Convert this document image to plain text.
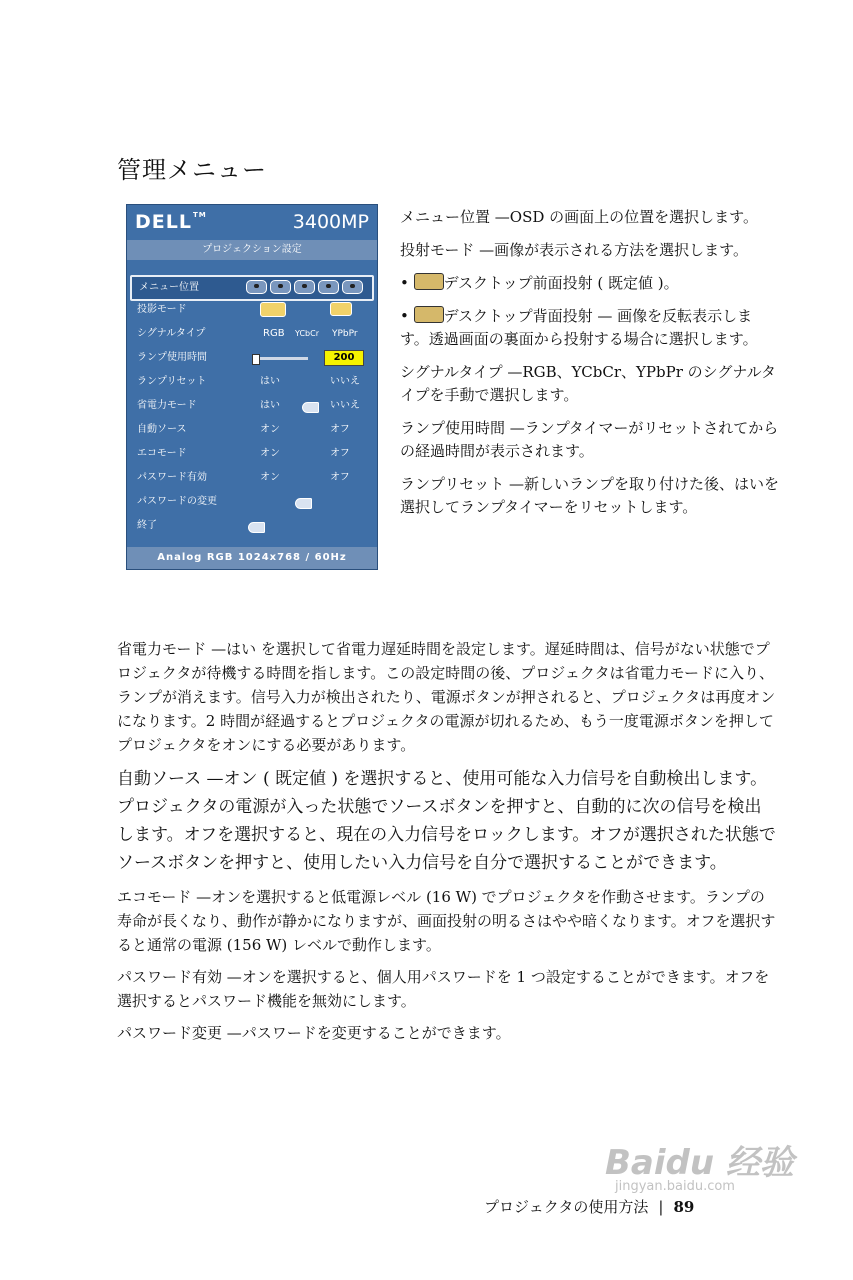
管理メニュー
DELL™	3400MP
プロジェクション設定
メニュー位置
投影モード
シグナルタイプ	RGB YCbCr YPbPr
ランプ使用時間	200
ランプリセット	はい	いいえ
省電力モード	はい	いいえ
自動ソース	オン	オフ
エコモード	オン	オフ
パスワード有効	オン	オフ
パスワードの変更
終了
Analog RGB 1024x768 / 60Hz

メニュー位置 —OSD の画面上の位置を選択します。

投射モード —画像が表示される方法を選択します。

• デスクトップ前面投射 ( 既定値 )。

• デスクトップ背面投射 — 画像を反転表示します。透過画面の裏面から投射する場合に選択します。

シグナルタイプ —RGB、YCbCr、YPbPr のシグナルタイプを手動で選択します。

ランプ使用時間 —ランプタイマーがリセットされてからの経過時間が表示されます。

ランプリセット —新しいランプを取り付けた後、はいを選択してランプタイマーをリセットします。

省電力モード —はい を選択して省電力遅延時間を設定します。遅延時間は、信号がない状態でプロジェクタが待機する時間を指します。この設定時間の後、プロジェクタは省電力モードに入り、ランプが消えます。信号入力が検出されたり、電源ボタンが押されると、プロジェクタは再度オンになります。2 時間が経過するとプロジェクタの電源が切れるため、もう一度電源ボタンを押してプロジェクタをオンにする必要があります。

自動ソース —オン ( 既定値 ) を選択すると、使用可能な入力信号を自動検出します。プロジェクタの電源が入った状態でソースボタンを押すと、自動的に次の信号を検出します。オフを選択すると、現在の入力信号をロックします。オフが選択された状態でソースボタンを押すと、使用したい入力信号を自分で選択することができます。

エコモード —オンを選択すると低電源レベル (16 W) でプロジェクタを作動させます。ランプの寿命が長くなり、動作が静かになりますが、画面投射の明るさはやや暗くなります。オフを選択すると通常の電源 (156 W) レベルで動作します。

パスワード有効 —オンを選択すると、個人用パスワードを 1 つ設定することができます。オフを選択するとパスワード機能を無効にします。

パスワード変更 —パスワードを変更することができます。

プロジェクタの使用方法 | 89
Baidu 经验
jingyan.baidu.com
